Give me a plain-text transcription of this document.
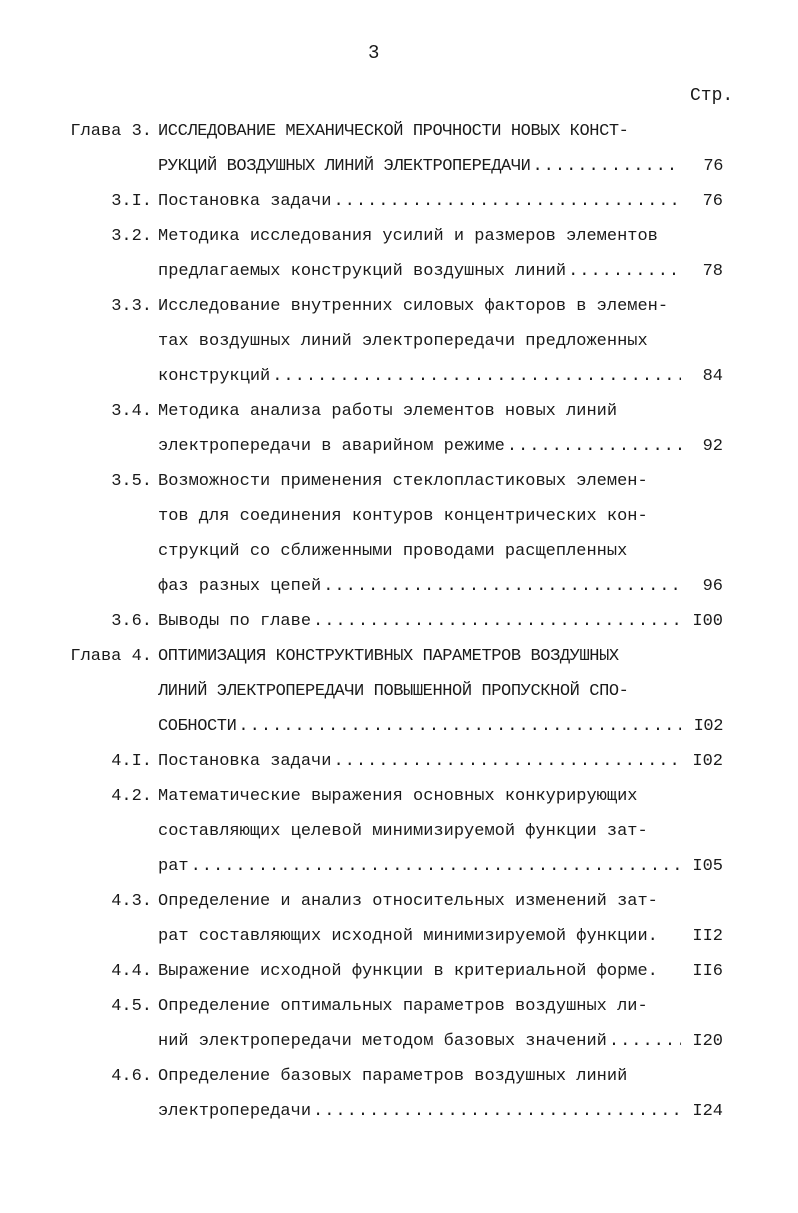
3
Стр.
Глава 3. ИССЛЕДОВАНИЕ МЕХАНИЧЕСКОЙ ПРОЧНОСТИ НОВЫХ КОНСТ-
РУКЦИЙ ВОЗДУШНЫХ ЛИНИЙ ЭЛЕКТРОПЕРЕДАЧИ .....	76
3.I. Постановка задачи .....	76
3.2. Методика исследования усилий и размеров элементов
предлагаемых конструкций воздушных линий .....	78
3.3. Исследование внутренних силовых факторов в элемен-
тах воздушных линий электропередачи предложенных
конструкций .....	84
3.4. Методика анализа работы элементов новых линий
электропередачи в аварийном режиме .....	92
3.5. Возможности применения стеклопластиковых элемен-
тов для соединения контуров концентрических кон-
струкций со сближенными проводами расщепленных
фаз разных цепей .....	96
3.6. Выводы по главе .....	I00
Глава 4. ОПТИМИЗАЦИЯ КОНСТРУКТИВНЫХ ПАРАМЕТРОВ ВОЗДУШНЫХ
ЛИНИЙ ЭЛЕКТРОПЕРЕДАЧИ ПОВЫШЕННОЙ ПРОПУСКНОЙ СПО-
СОБНОСТИ .....	I02
4.I. Постановка задачи .....	I02
4.2. Математические выражения основных конкурирующих
составляющих целевой минимизируемой функции зат-
рат .....	I05
4.3. Определение и анализ относительных изменений зат-
рат составляющих исходной минимизируемой функции.	II2
4.4. Выражение исходной функции в критериальной форме.	II6
4.5. Определение оптимальных параметров воздушных ли-
ний электропередачи методом базовых значений .....	I20
4.6. Определение базовых параметров воздушных линий
электропередачи .....	I24
